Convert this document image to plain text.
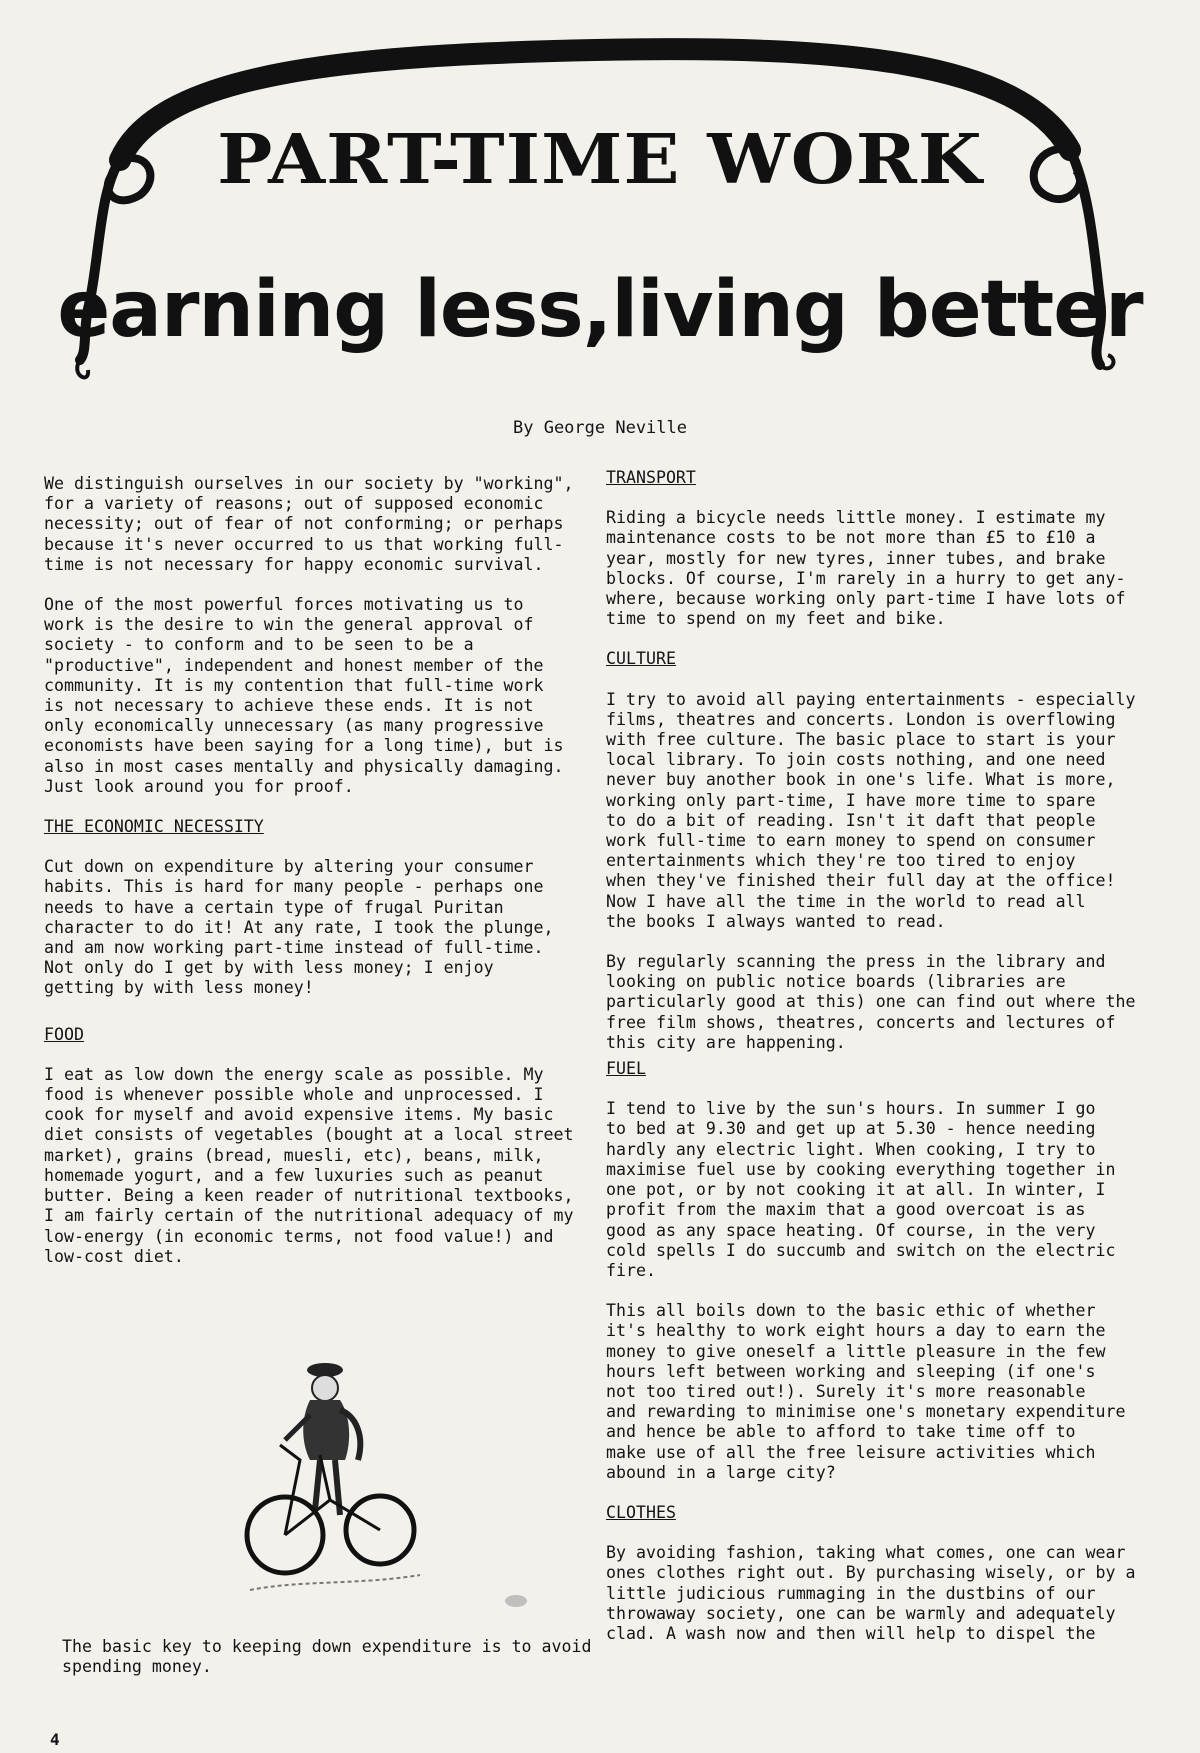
PART-TIME WORK
earning less,living better
By George Neville

We distinguish ourselves in our society by "working",
for a variety of reasons; out of supposed economic
necessity; out of fear of not conforming; or perhaps
because it's never occurred to us that working full-
time is not necessary for happy economic survival.

One of the most powerful forces motivating us to
work is the desire to win the general approval of
society - to conform and to be seen to be a
"productive", independent and honest member of the
community. It is my contention that full-time work
is not necessary to achieve these ends. It is not
only economically unnecessary (as many progressive
economists have been saying for a long time), but is
also in most cases mentally and physically damaging.
Just look around you for proof.

THE ECONOMIC NECESSITY

Cut down on expenditure by altering your consumer
habits. This is hard for many people - perhaps one
needs to have a certain type of frugal Puritan
character to do it! At any rate, I took the plunge,
and am now working part-time instead of full-time.
Not only do I get by with less money; I enjoy
getting by with less money!

FOOD

I eat as low down the energy scale as possible. My
food is whenever possible whole and unprocessed. I
cook for myself and avoid expensive items. My basic
diet consists of vegetables (bought at a local street
market), grains (bread, muesli, etc), beans, milk,
homemade yogurt, and a few luxuries such as peanut
butter. Being a keen reader of nutritional textbooks,
I am fairly certain of the nutritional adequacy of my
low-energy (in economic terms, not food value!) and
low-cost diet.

The basic key to keeping down expenditure is to avoid
spending money.
TRANSPORT

Riding a bicycle needs little money. I estimate my
maintenance costs to be not more than £5 to £10 a
year, mostly for new tyres, inner tubes, and brake
blocks. Of course, I'm rarely in a hurry to get any-
where, because working only part-time I have lots of
time to spend on my feet and bike.

CULTURE

I try to avoid all paying entertainments - especially
films, theatres and concerts. London is overflowing
with free culture. The basic place to start is your
local library. To join costs nothing, and one need
never buy another book in one's life. What is more,
working only part-time, I have more time to spare
to do a bit of reading. Isn't it daft that people
work full-time to earn money to spend on consumer
entertainments which they're too tired to enjoy
when they've finished their full day at the office!
Now I have all the time in the world to read all
the books I always wanted to read.

By regularly scanning the press in the library and
looking on public notice boards (libraries are
particularly good at this) one can find out where the
free film shows, theatres, concerts and lectures of
this city are happening.

FUEL

I tend to live by the sun's hours. In summer I go
to bed at 9.30 and get up at 5.30 - hence needing
hardly any electric light. When cooking, I try to
maximise fuel use by cooking everything together in
one pot, or by not cooking it at all. In winter, I
profit from the maxim that a good overcoat is as
good as any space heating. Of course, in the very
cold spells I do succumb and switch on the electric
fire.

This all boils down to the basic ethic of whether
it's healthy to work eight hours a day to earn the
money to give oneself a little pleasure in the few
hours left between working and sleeping (if one's
not too tired out!). Surely it's more reasonable
and rewarding to minimise one's monetary expenditure
and hence be able to afford to take time off to
make use of all the free leisure activities which
abound in a large city?

CLOTHES

By avoiding fashion, taking what comes, one can wear
ones clothes right out. By purchasing wisely, or by a
little judicious rummaging in the dustbins of our
throwaway society, one can be warmly and adequately
clad. A wash now and then will help to dispel the

4
